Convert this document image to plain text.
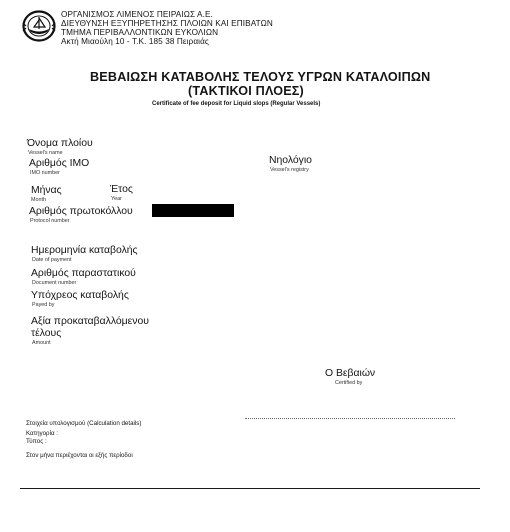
ΟΡΓΑΝΙΣΜΟΣ ΛΙΜΕΝΟΣ ΠΕΙΡΑΙΩΣ Α.Ε.
ΔΙΕΥΘΥΝΣΗ ΕΞΥΠΗΡΕΤΗΣΗΣ ΠΛΟΙΩΝ ΚΑΙ ΕΠΙΒΑΤΩΝ
ΤΜΗΜΑ ΠΕΡΙΒΑΛΛΟΝΤΙΚΩΝ ΕΥΚΟΛΙΩΝ
Ακτή Μιαούλη 10 - Τ.Κ. 185 38 Πειραιάς
ΒΕΒΑΙΩΣΗ ΚΑΤΑΒΟΛΗΣ ΤΕΛΟΥΣ ΥΓΡΩΝ ΚΑΤΑΛΟΙΠΩΝ
(ΤΑΚΤΙΚΟΙ ΠΛΟΕΣ)
Certificate of fee deposit for Liquid slops (Regular Vessels)
Όνομα πλοίου
Vessel's name
Αριθμός ΙΜΟ
IMO number
Νηολόγιο
Vessel's registry
Μήνας
Month
Έτος
Year
Αριθμός πρωτοκόλλου
Protocol number
Ημερομηνία καταβολής
Date of payment
Αριθμός παραστατικού
Document number
Υπόχρεος καταβολής
Payed by
Αξία προκαταβαλλόμενου
τέλους
Amount
Ο Βεβαιών
Certified by
Στοιχεία υπολογισμού (Calculation details)
Κατηγορία :
Τύπος :
Στον μήνα περιέχονται οι εξής περίοδοι
